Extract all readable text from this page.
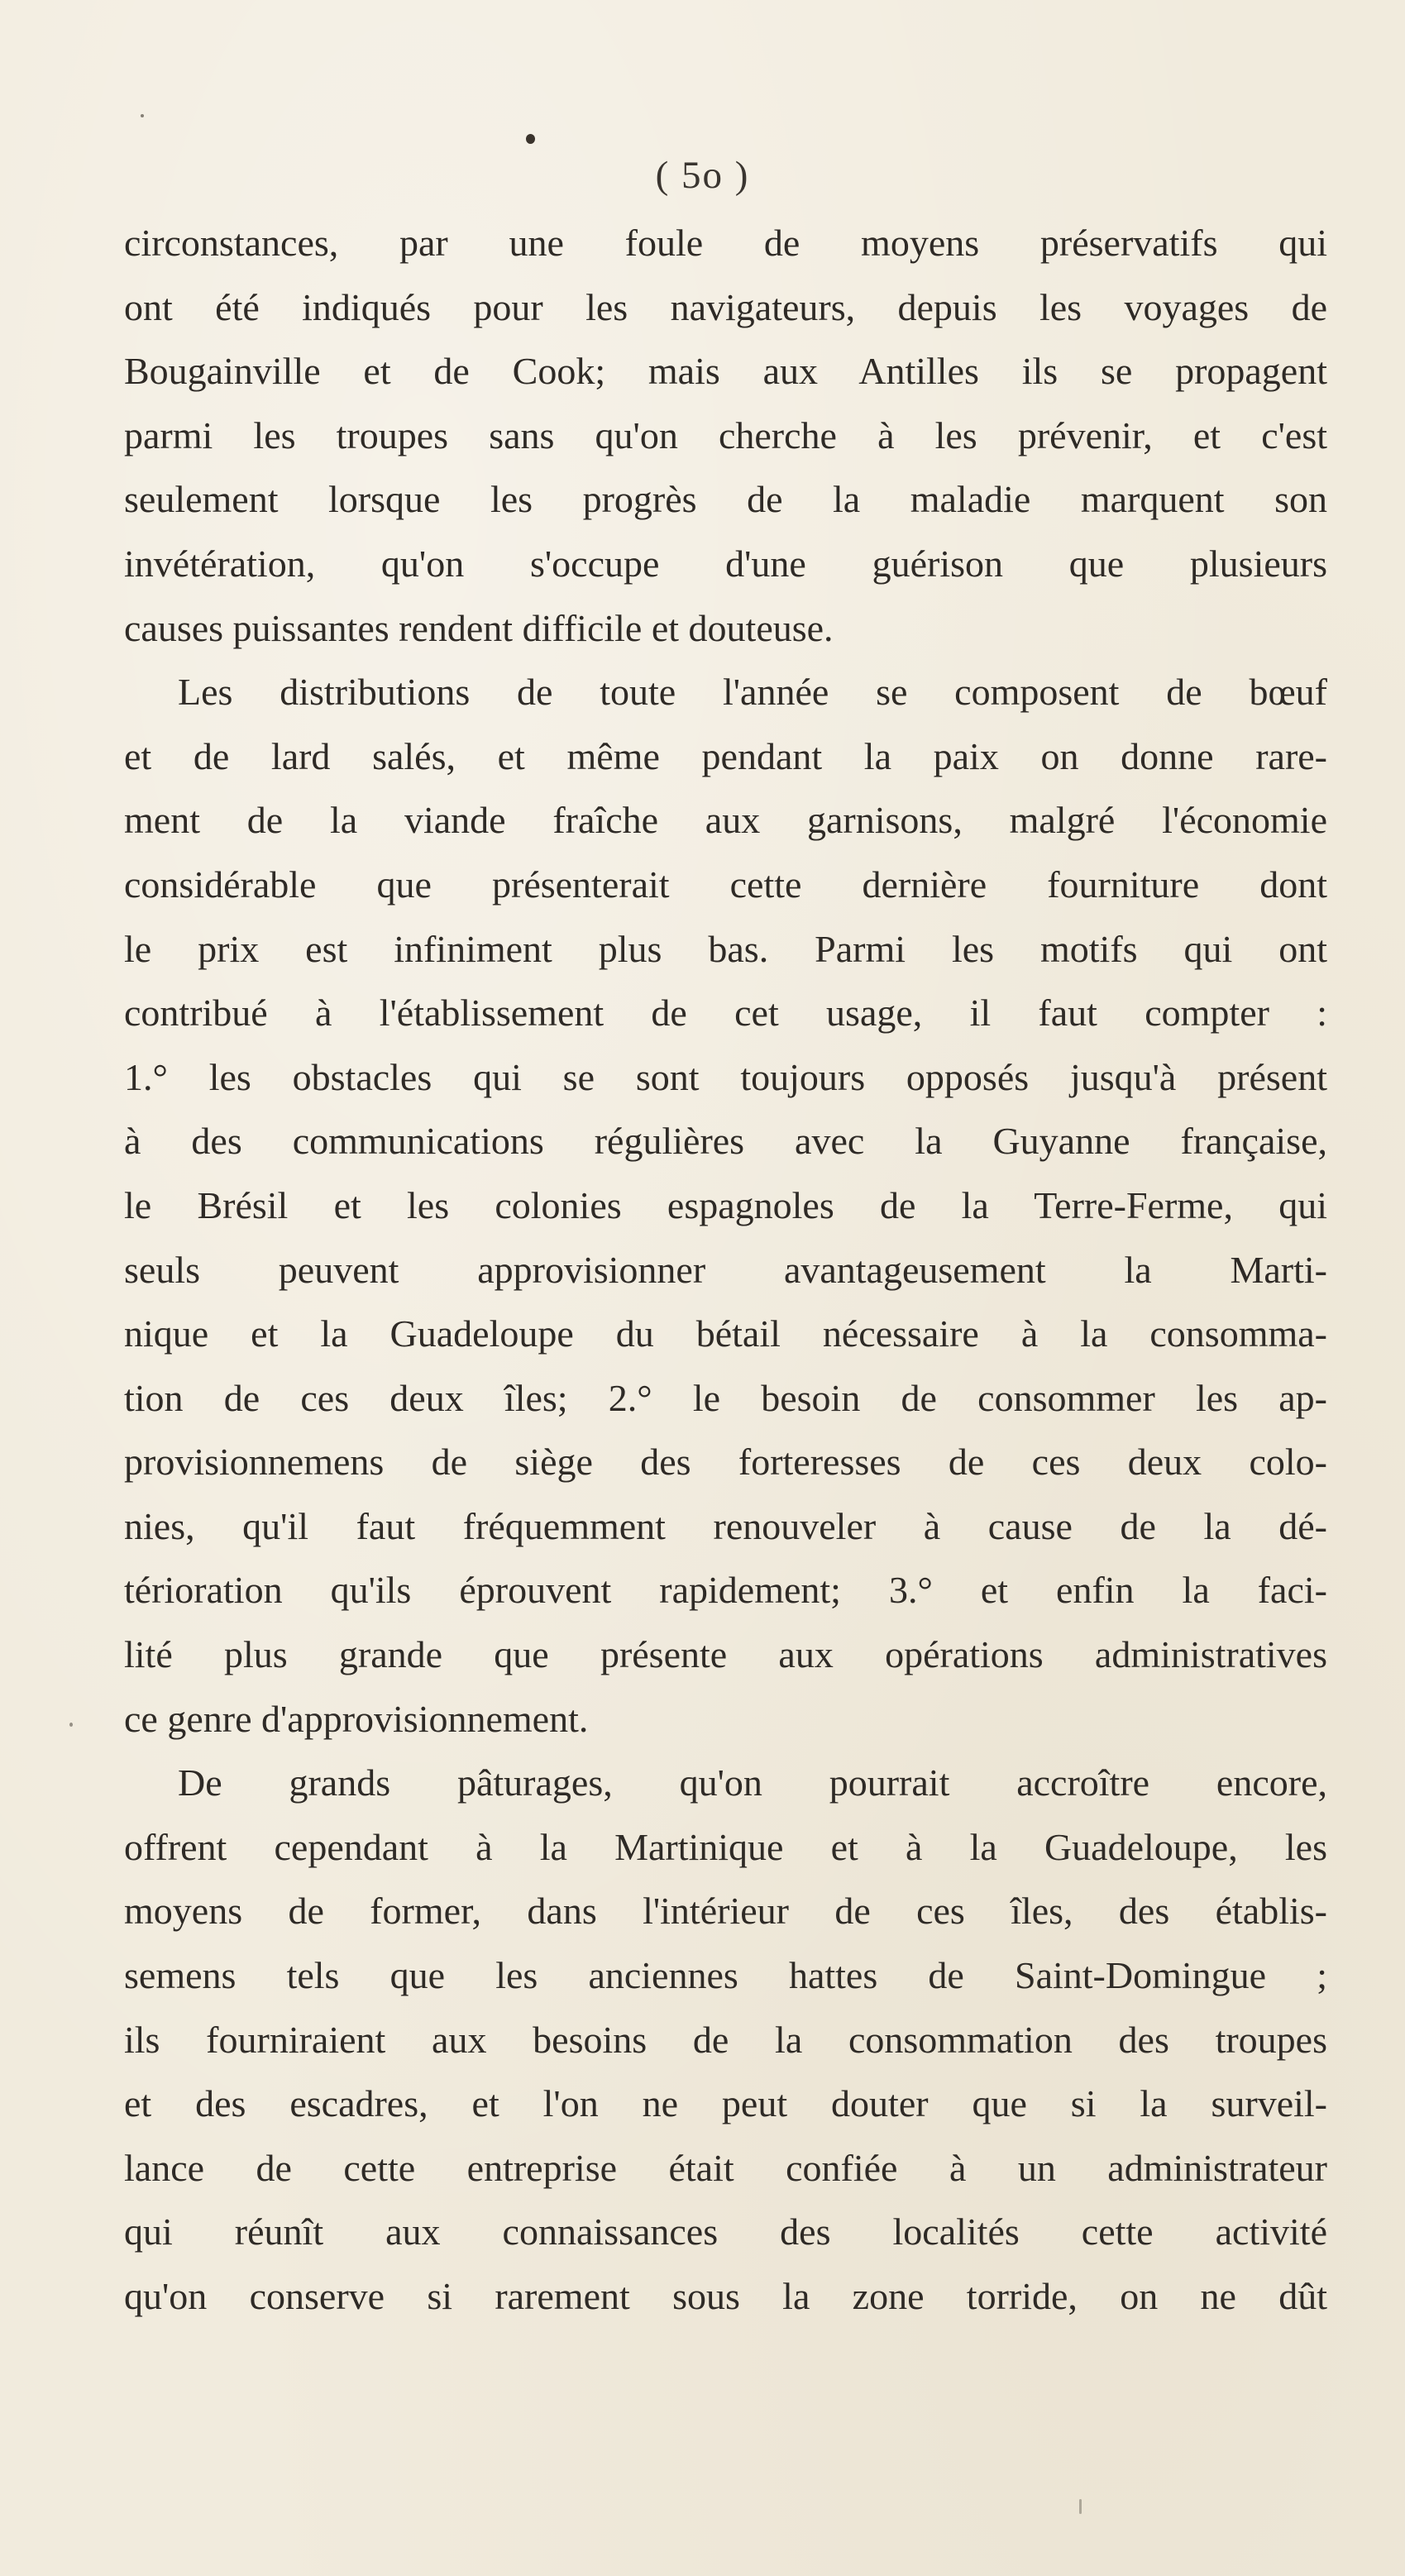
( 5o )
circonstances, par une foule de moyens préservatifs qui
ont été indiqués pour les navigateurs, depuis les voyages de
Bougainville et de Cook; mais aux Antilles ils se propagent
parmi les troupes sans qu'on cherche à les prévenir, et c'est
seulement lorsque les progrès de la maladie marquent son
invétération, qu'on s'occupe d'une guérison que plusieurs
causes puissantes rendent difficile et douteuse.
Les distributions de toute l'année se composent de bœuf
et de lard salés, et même pendant la paix on donne rare-
ment de la viande fraîche aux garnisons, malgré l'économie
considérable que présenterait cette dernière fourniture dont
le prix est infiniment plus bas. Parmi les motifs qui ont
contribué à l'établissement de cet usage, il faut compter :
1.° les obstacles qui se sont toujours opposés jusqu'à présent
à des communications régulières avec la Guyanne française,
le Brésil et les colonies espagnoles de la Terre-Ferme, qui
seuls peuvent approvisionner avantageusement la Marti-
nique et la Guadeloupe du bétail nécessaire à la consomma-
tion de ces deux îles; 2.° le besoin de consommer les ap-
provisionnemens de siège des forteresses de ces deux colo-
nies, qu'il faut fréquemment renouveler à cause de la dé-
térioration qu'ils éprouvent rapidement; 3.° et enfin la faci-
lité plus grande que présente aux opérations administratives
ce genre d'approvisionnement.
De grands pâturages, qu'on pourrait accroître encore,
offrent cependant à la Martinique et à la Guadeloupe, les
moyens de former, dans l'intérieur de ces îles, des établis-
semens tels que les anciennes hattes de Saint-Domingue ;
ils fourniraient aux besoins de la consommation des troupes
et des escadres, et l'on ne peut douter que si la surveil-
lance de cette entreprise était confiée à un administrateur
qui réunît aux connaissances des localités cette activité
qu'on conserve si rarement sous la zone torride, on ne dût
